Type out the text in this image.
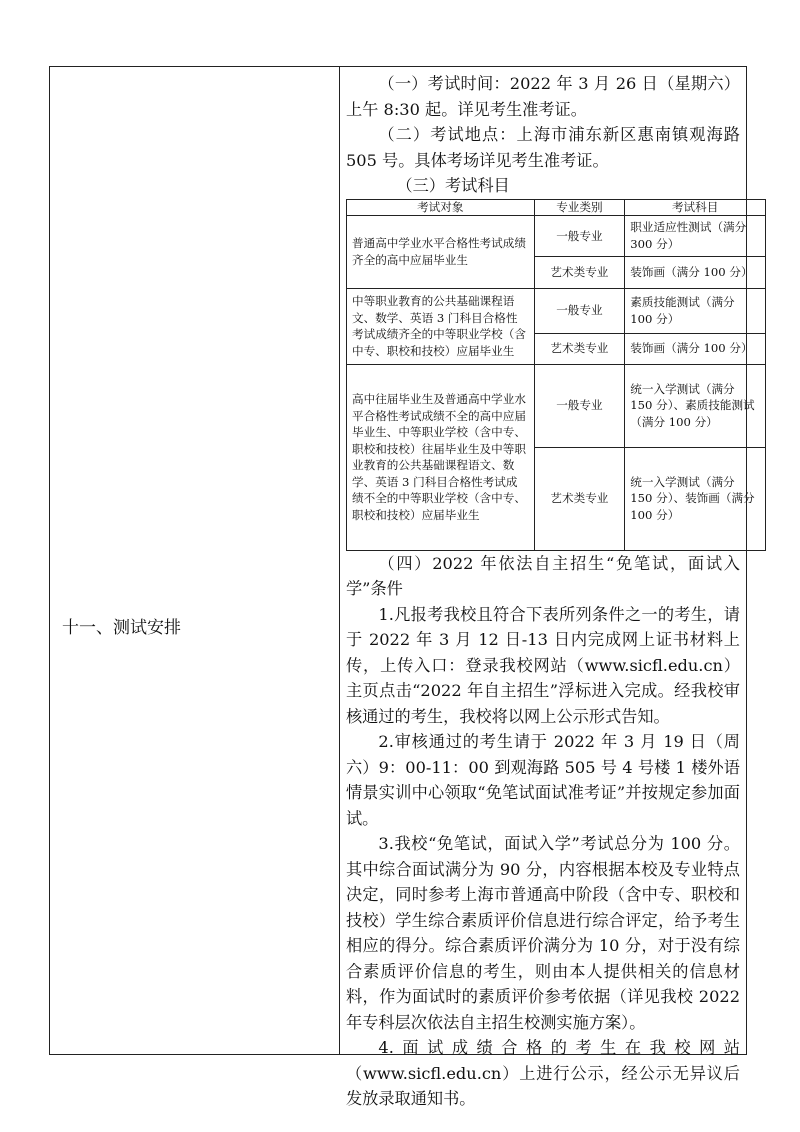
十一、测试安排

（一）考试时间：2022 年 3 月 26 日（星期六）上午 8:30 起。详见考生准考证。

（二）考试地点：上海市浦东新区惠南镇观海路 505 号。具体考场详见考生准考证。

（三）考试科目

考试对象	专业类别	考试科目
普通高中学业水平合格性考试成绩齐全的高中应届毕业生	一般专业	职业适应性测试（满分 300 分）
	艺术类专业	装饰画（满分 100 分）
中等职业教育的公共基础课程语文、数学、英语 3 门科目合格性考试成绩齐全的中等职业学校（含中专、职校和技校）应届毕业生	一般专业	素质技能测试（满分 100 分）
	艺术类专业	装饰画（满分 100 分）
高中往届毕业生及普通高中学业水平合格性考试成绩不全的高中应届毕业生、中等职业学校（含中专、职校和技校）往届毕业生及中等职业教育的公共基础课程语文、数学、英语 3 门科目合格性考试成绩不全的中等职业学校（含中专、职校和技校）应届毕业生	一般专业	统一入学测试（满分 150 分）、素质技能测试（满分 100 分）
	艺术类专业	统一入学测试（满分 150 分）、装饰画（满分 100 分）

（四）2022 年依法自主招生“免笔试，面试入学”条件

1.凡报考我校且符合下表所列条件之一的考生，请于 2022 年 3 月 12 日-13 日内完成网上证书材料上传，上传入口：登录我校网站（www.sicfl.edu.cn）主页点击“2022 年自主招生”浮标进入完成。经我校审核通过的考生，我校将以网上公示形式告知。

2.审核通过的考生请于 2022 年 3 月 19 日（周六）9：00-11：00 到观海路 505 号 4 号楼 1 楼外语情景实训中心领取“免笔试面试准考证”并按规定参加面试。

3.我校“免笔试，面试入学”考试总分为 100 分。其中综合面试满分为 90 分，内容根据本校及专业特点决定，同时参考上海市普通高中阶段（含中专、职校和技校）学生综合素质评价信息进行综合评定，给予考生相应的得分。综合素质评价满分为 10 分，对于没有综合素质评价信息的考生，则由本人提供相关的信息材料，作为面试时的素质评价参考依据（详见我校 2022 年专科层次依法自主招生校测实施方案）。

4.面试成绩合格的考生在我校网站（www.sicfl.edu.cn）上进行公示，经公示无异议后发放录取通知书。
